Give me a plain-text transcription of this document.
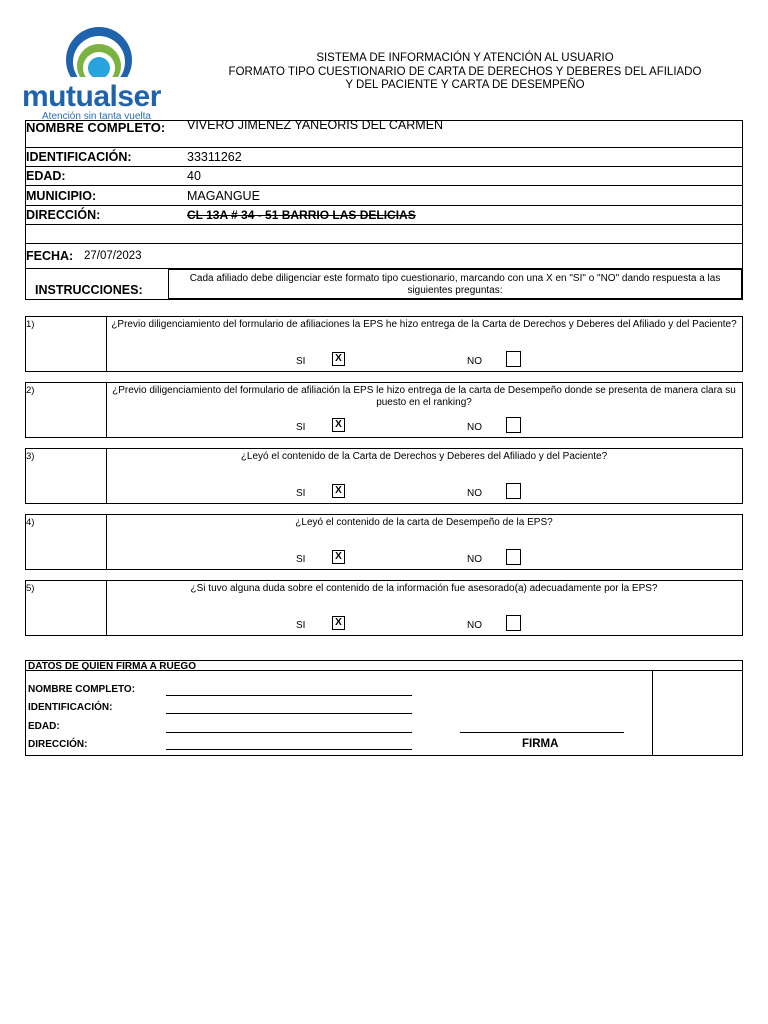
mutualser
Atención sin tanta vuelta
SISTEMA DE INFORMACIÓN Y ATENCIÓN AL USUARIO
FORMATO TIPO CUESTIONARIO DE CARTA DE DERECHOS Y DEBERES DEL AFILIADO
Y DEL PACIENTE Y CARTA DE DESEMPEÑO
NOMBRE COMPLETO: VIVERO JIMENEZ YANEORIS DEL CARMEN
IDENTIFICACIÓN:	33311262
EDAD:	40
MUNICIPIO:	MAGANGUE
DIRECCIÓN:	CL 13A # 34 - 51 BARRIO LAS DELICIAS
FECHA: 27/07/2023
INSTRUCCIONES:
Cada afiliado debe diligenciar este formato tipo cuestionario, marcando con una X en "SI" o "NO" dando respuesta a las siguientes preguntas:
1)	¿Previo diligenciamiento del formulario de afiliaciones la EPS he hizo entrega de la Carta de Derechos y Deberes del Afiliado y del Paciente?
SI	X	NO
2)	¿Previo diligenciamiento del formulario de afiliación la EPS le hizo entrega de la carta de Desempeño donde se presenta de manera clara su puesto en el ranking?
SI	X	NO
3)	¿Leyó el contenido de la Carta de Derechos y Deberes del Afiliado y del Paciente?
SI	X	NO
4)	¿Leyó el contenido de la carta de Desempeño de la EPS?
SI	X	NO
5)	¿Si tuvo alguna duda sobre el contenido de la información fue asesorado(a) adecuadamente por la EPS?
SI	X	NO
DATOS DE QUIEN FIRMA A RUEGO
NOMBRE COMPLETO:
IDENTIFICACIÓN:
EDAD:
DIRECCIÓN:	FIRMA
